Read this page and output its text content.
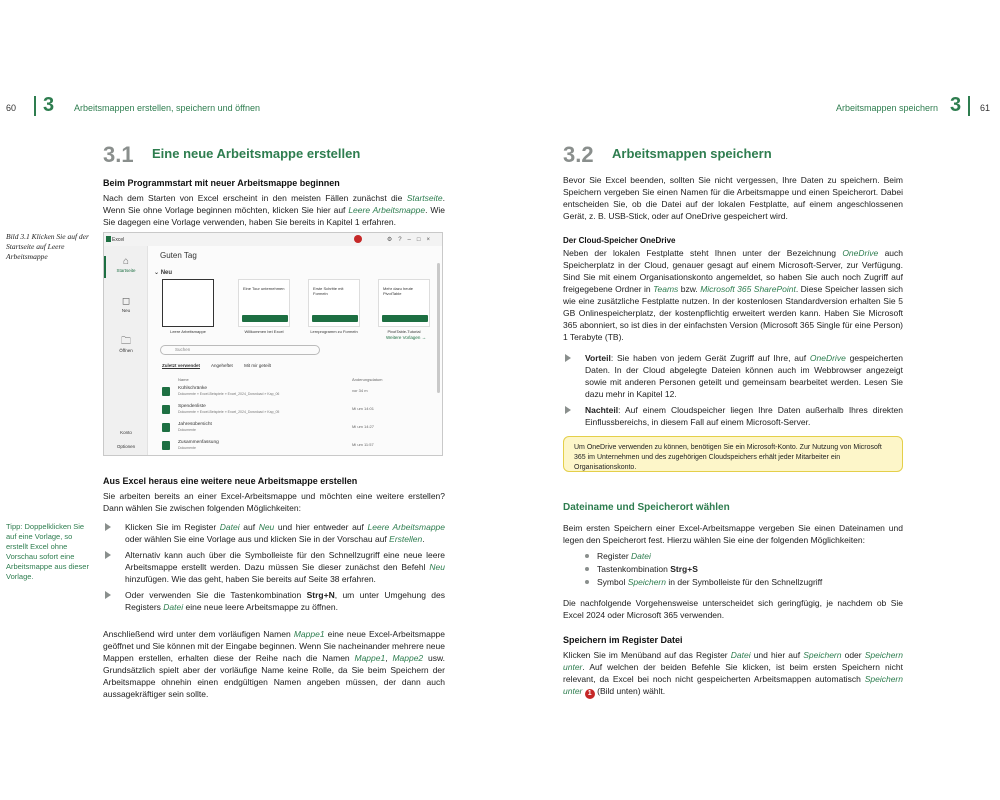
60 3 Arbeitsmappen erstellen, speichern und öffnen
3.1 Eine neue Arbeitsmappe erstellen
Beim Programmstart mit neuer Arbeitsmappe beginnen
Nach dem Starten von Excel erscheint in den meisten Fällen zunächst die Startseite. Wenn Sie ohne Vorlage beginnen möchten, klicken Sie hier auf Leere Arbeitsmappe. Wie Sie dagegen eine Vorlage verwenden, haben Sie bereits in Kapitel 1 erfahren.
Bild 3.1 Klicken Sie auf der Startseite auf Leere Arbeitsmappe
Excel	⚙?–□×
⌂
Startseite
◻
Neu
🗀
Öffnen
Konto
Optionen
Guten Tag
⌄ Neu
Eine Tour unternehmen	Erste Schritte mit Formeln
Mehr dazu heute PivotTable
Leere Arbeitsmappe	Willkommen bei Excel	Lernprogramm zu Formeln	PivotTable-Tutorial
Weitere Vorlagen →
Suchen
Zuletzt verwendet Angeheftet	Mit mir geteilt
Name	Änderungsdatum
Kühlschränke
Dokumente » Excel-Beispiele » Excel_2024_Download » Kap_06
vor 34 m
Spendenliste
Dokumente » Excel-Beispiele » Excel_2024_Download » Kap_05
Mi um 14:01
Jahresübersicht
Dokumente
Mi um 14:27
Zusammenfassung
Dokumente
Mi um 11:57
Aus Excel heraus eine weitere neue Arbeitsmappe erstellen
Sie arbeiten bereits an einer Excel-Arbeitsmappe und möchten eine weitere erstellen? Dann wählen Sie zwischen folgenden Möglichkeiten:
Tipp: Doppelklicken Sie auf eine Vorlage, so erstellt Excel ohne Vorschau sofort eine Arbeitsmappe aus dieser Vorlage.
Klicken Sie im Register Datei auf Neu und hier entweder auf Leere Arbeitsmappe oder wählen Sie eine Vorlage aus und klicken Sie in der Vorschau auf Erstellen.
Alternativ kann auch über die Symbolleiste für den Schnellzugriff eine neue leere Arbeitsmappe erstellt werden. Dazu müssen Sie dieser zunächst den Befehl Neu hinzufügen. Wie das geht, haben Sie bereits auf Seite 38 erfahren.
Oder verwenden Sie die Tastenkombination Strg+N, um unter Umgehung des Registers Datei eine neue leere Arbeitsmappe zu öffnen.
Anschließend wird unter dem vorläufigen Namen Mappe1 eine neue Excel-Arbeitsmappe geöffnet und Sie können mit der Eingabe beginnen. Wenn Sie nacheinander mehrere neue Mappen erstellen, erhalten diese der Reihe nach die Namen Mappe1, Mappe2 usw. Grundsätzlich spielt aber der vorläufige Name keine Rolle, da Sie beim Speichern der Arbeitsmappe ohnehin einen endgültigen Namen angeben müssen, der dann auch aussagekräftiger sein sollte.
Arbeitsmappen speichern 3 61
3.2 Arbeitsmappen speichern
Bevor Sie Excel beenden, sollten Sie nicht vergessen, Ihre Daten zu speichern. Beim Speichern vergeben Sie einen Namen für die Arbeitsmappe und einen Speicherort. Dabei entscheiden Sie, ob die Datei auf der lokalen Festplatte, auf einem angeschlossenen Gerät, z. B. USB-Stick, oder auf OneDrive gespeichert wird.
Der Cloud-Speicher OneDrive
Neben der lokalen Festplatte steht Ihnen unter der Bezeichnung OneDrive auch Speicherplatz in der Cloud, genauer gesagt auf einem Microsoft-Server, zur Verfügung. Sind Sie mit einem Organisationskonto angemeldet, so haben Sie auch noch Zugriff auf freigegebene Ordner in Teams bzw. Microsoft 365 SharePoint. Diese Speicher lassen sich wie eine zusätzliche Festplatte nutzen. In der kostenlosen Standardversion erhalten Sie 5 GB Onlinespeicherplatz, der kostenpflichtig erweitert werden kann. Haben Sie Microsoft 365 abonniert, so ist dies in der einfachsten Version (Microsoft 365 Single für eine Person) 1 Terabyte (TB).
Vorteil: Sie haben von jedem Gerät Zugriff auf Ihre, auf OneDrive gespeicherten Daten. In der Cloud abgelegte Dateien können auch im Webbrowser angezeigt sowie mit anderen Personen geteilt und gemeinsam bearbeitet werden. Lesen Sie dazu mehr in Kapitel 12.
Nachteil: Auf einem Cloudspeicher liegen Ihre Daten außerhalb Ihres direkten Einflussbereichs, in diesem Fall auf einem Microsoft-Server.
Um OneDrive verwenden zu können, benötigen Sie ein Microsoft-Konto. Zur Nutzung von Microsoft 365 im Unternehmen und des zugehörigen Cloudspeichers erhält jeder Mitarbeiter ein Organisationskonto.
Dateiname und Speicherort wählen
Beim ersten Speichern einer Excel-Arbeitsmappe vergeben Sie einen Dateinamen und legen den Speicherort fest. Hierzu wählen Sie eine der folgenden Möglichkeiten:
Register Datei
Tastenkombination Strg+S
Symbol Speichern in der Symbolleiste für den Schnellzugriff
Die nachfolgende Vorgehensweise unterscheidet sich geringfügig, je nachdem ob Sie Excel 2024 oder Microsoft 365 verwenden.
Speichern im Register Datei
Klicken Sie im Menüband auf das Register Datei und hier auf Speichern oder Speichern unter. Auf welchen der beiden Befehle Sie klicken, ist beim ersten Speichern nicht relevant, da Excel bei noch nicht gespeicherten Arbeitsmappen automatisch Speichern unter 1 (Bild unten) wählt.
